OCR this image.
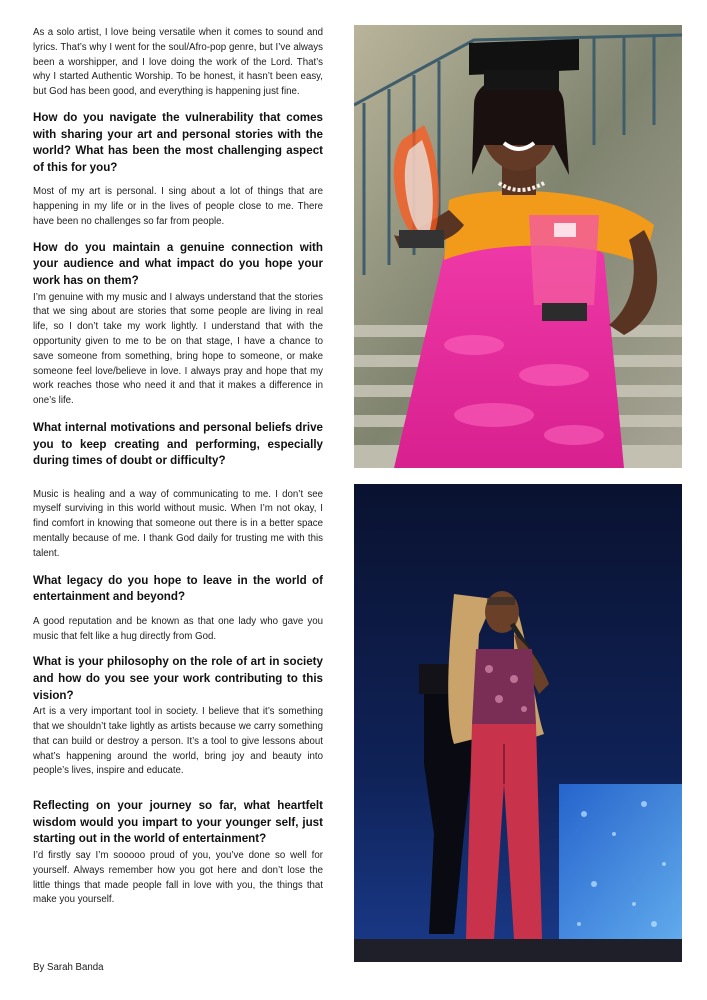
As a solo artist, I love being versatile when it comes to sound and lyrics. That’s why I went for the soul/Afro-pop genre, but I’ve always been a worshipper, and I love doing the work of the Lord. That’s why I started Authentic Worship. To be honest, it hasn’t been easy, but God has been good, and everything is happening just fine.

How do you navigate the vulnerability that comes with sharing your art and personal stories with the world? What has been the most challenging aspect of this for you?

Most of my art is personal. I sing about a lot of things that are happening in my life or in the lives of people close to me. There have been no challenges so far from people.

How do you maintain a genuine connection with your audience and what impact do you hope your work has on them?

I’m genuine with my music and I always understand that the stories that we sing about are stories that some people are living in real life, so I don’t take my work lightly. I understand that with the opportunity given to me to be on that stage, I have a chance to save someone from something, bring hope to someone, or make someone feel love/believe in love. I always pray and hope that my work reaches those who need it and that it makes a difference in one’s life.

What internal motivations and personal beliefs drive you to keep creating and performing, especially during times of doubt or difficulty?

Music is healing and a way of communicating to me. I don’t see myself surviving in this world without music. When I’m not okay, I find comfort in knowing that someone out there is in a better space mentally because of me. I thank God daily for trusting me with this talent.

What legacy do you hope to leave in the world of entertainment and beyond?

A good reputation and be known as that one lady who gave you music that felt like a hug directly from God.

What is your philosophy on the role of art in society and how do you see your work contributing to this vision?

Art is a very important tool in society. I believe that it’s something that we shouldn’t take lightly as artists because we carry something that can build or destroy a person. It’s a tool to give lessons about what’s happening around the world, bring joy and beauty into people’s lives, inspire and educate.

Reflecting on your journey so far, what heartfelt wisdom would you impart to your younger self, just starting out in the world of entertainment?

I’d firstly say I’m sooooo proud of you, you’ve done so well for yourself. Always remember how you got here and don’t lose the little things that made people fall in love with you, the things that make you yourself.

By Sarah Banda
